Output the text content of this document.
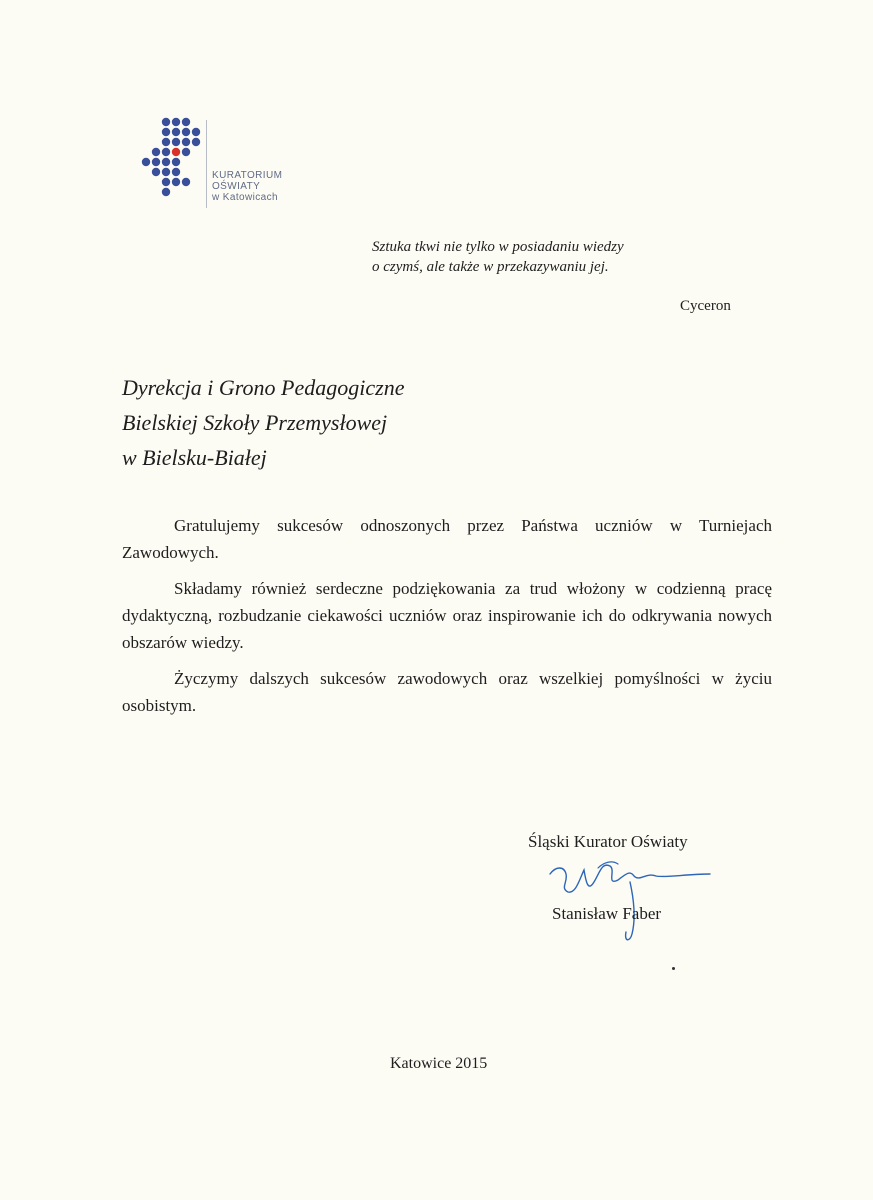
KURATORIUM
OŚWIATY
w Katowicach
Sztuka tkwi nie tylko w posiadaniu wiedzy
o czymś, ale także w przekazywaniu jej.
Cyceron
Dyrekcja i Grono Pedagogiczne
Bielskiej Szkoły Przemysłowej
w Bielsku-Białej

Gratulujemy sukcesów odnoszonych przez Państwa uczniów w Turniejach Zawodowych.

Składamy również serdeczne podziękowania za trud włożony w codzienną pracę dydaktyczną, rozbudzanie ciekawości uczniów oraz inspirowanie ich do odkrywania nowych obszarów wiedzy.

Życzymy dalszych sukcesów zawodowych oraz wszelkiej pomyślności w życiu osobistym.

Śląski Kurator Oświaty
Stanisław Faber
Katowice 2015
